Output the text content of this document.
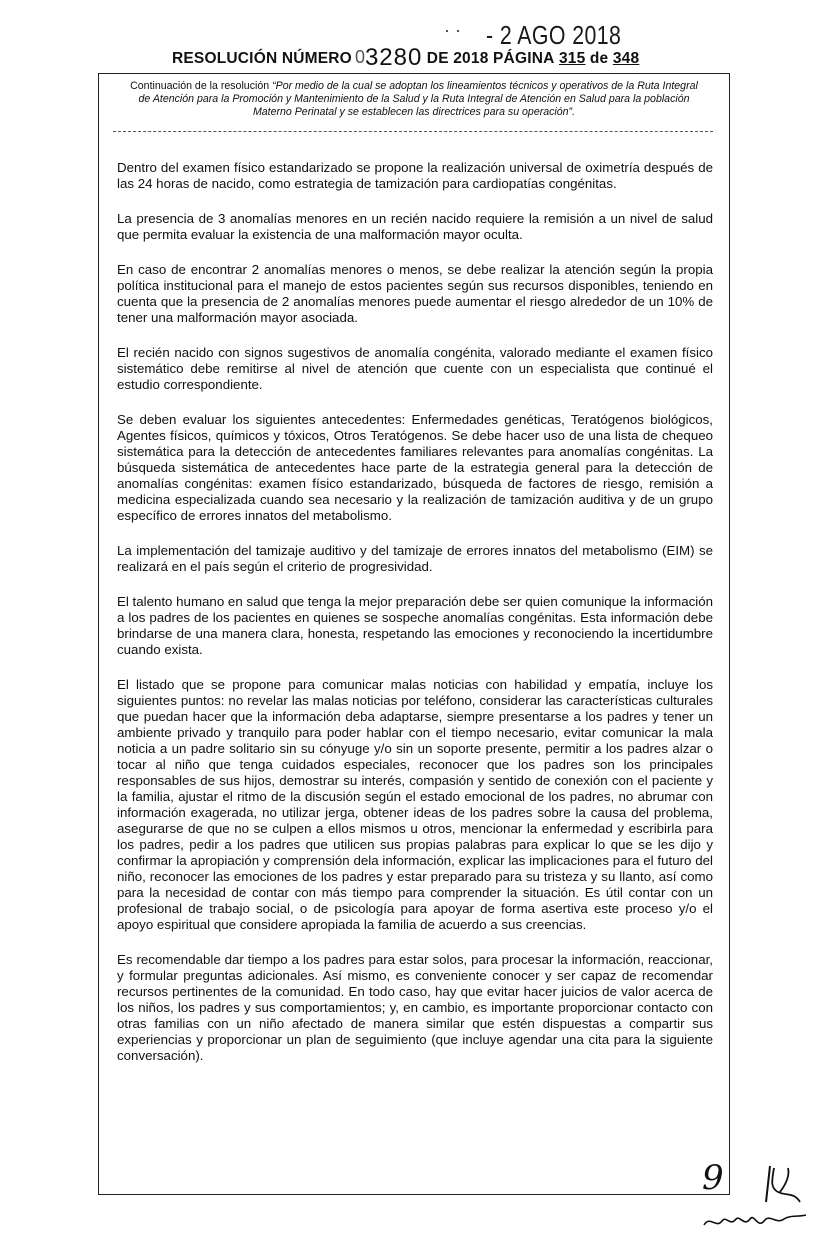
· · - 2 AGO 2018
RESOLUCIÓN NÚMERO 03280 DE 2018 PÁGINA 315 de 348
Continuación de la resolución “Por medio de la cual se adoptan los lineamientos técnicos y operativos de la Ruta Integral de Atención para la Promoción y Mantenimiento de la Salud y la Ruta Integral de Atención en Salud para la población Materno Perinatal y se establecen las directrices para su operación”.

Dentro del examen físico estandarizado se propone la realización universal de oximetría después de las 24 horas de nacido, como estrategia de tamización para cardiopatías congénitas.

La presencia de 3 anomalías menores en un recién nacido requiere la remisión a un nivel de salud que permita evaluar la existencia de una malformación mayor oculta.

En caso de encontrar 2 anomalías menores o menos, se debe realizar la atención según la propia política institucional para el manejo de estos pacientes según sus recursos disponibles, teniendo en cuenta que la presencia de 2 anomalías menores puede aumentar el riesgo alrededor de un 10% de tener una malformación mayor asociada.

El recién nacido con signos sugestivos de anomalía congénita, valorado mediante el examen físico sistemático debe remitirse al nivel de atención que cuente con un especialista que continué el estudio correspondiente.

Se deben evaluar los siguientes antecedentes: Enfermedades genéticas, Teratógenos biológicos, Agentes físicos, químicos y tóxicos, Otros Teratógenos. Se debe hacer uso de una lista de chequeo sistemática para la detección de antecedentes familiares relevantes para anomalías congénitas. La búsqueda sistemática de antecedentes hace parte de la estrategia general para la detección de anomalías congénitas: examen físico estandarizado, búsqueda de factores de riesgo, remisión a medicina especializada cuando sea necesario y la realización de tamización auditiva y de un grupo específico de errores innatos del metabolismo.

La implementación del tamizaje auditivo y del tamizaje de errores innatos del metabolismo (EIM) se realizará en el país según el criterio de progresividad.

El talento humano en salud que tenga la mejor preparación debe ser quien comunique la información a los padres de los pacientes en quienes se sospeche anomalías congénitas. Esta información debe brindarse de una manera clara, honesta, respetando las emociones y reconociendo la incertidumbre cuando exista.

El listado que se propone para comunicar malas noticias con habilidad y empatía, incluye los siguientes puntos: no revelar las malas noticias por teléfono, considerar las características culturales que puedan hacer que la información deba adaptarse, siempre presentarse a los padres y tener un ambiente privado y tranquilo para poder hablar con el tiempo necesario, evitar comunicar la mala noticia a un padre solitario sin su cónyuge y/o sin un soporte presente, permitir a los padres alzar o tocar al niño que tenga cuidados especiales, reconocer que los padres son los principales responsables de sus hijos, demostrar su interés, compasión y sentido de conexión con el paciente y la familia, ajustar el ritmo de la discusión según el estado emocional de los padres, no abrumar con información exagerada, no utilizar jerga, obtener ideas de los padres sobre la causa del problema, asegurarse de que no se culpen a ellos mismos u otros, mencionar la enfermedad y escribirla para los padres, pedir a los padres que utilicen sus propias palabras para explicar lo que se les dijo y confirmar la apropiación y comprensión dela información, explicar las implicaciones para el futuro del niño, reconocer las emociones de los padres y estar preparado para su tristeza y su llanto, así como para la necesidad de contar con más tiempo para comprender la situación. Es útil contar con un profesional de trabajo social, o de psicología para apoyar de forma asertiva este proceso y/o el apoyo espiritual que considere apropiada la familia de acuerdo a sus creencias.

Es recomendable dar tiempo a los padres para estar solos, para procesar la información, reaccionar, y formular preguntas adicionales. Así mismo, es conveniente conocer y ser capaz de recomendar recursos pertinentes de la comunidad. En todo caso, hay que evitar hacer juicios de valor acerca de los niños, los padres y sus comportamientos; y, en cambio, es importante proporcionar contacto con otras familias con un niño afectado de manera similar que estén dispuestas a compartir sus experiencias y proporcionar un plan de seguimiento (que incluye agendar una cita para la siguiente conversación).

9
